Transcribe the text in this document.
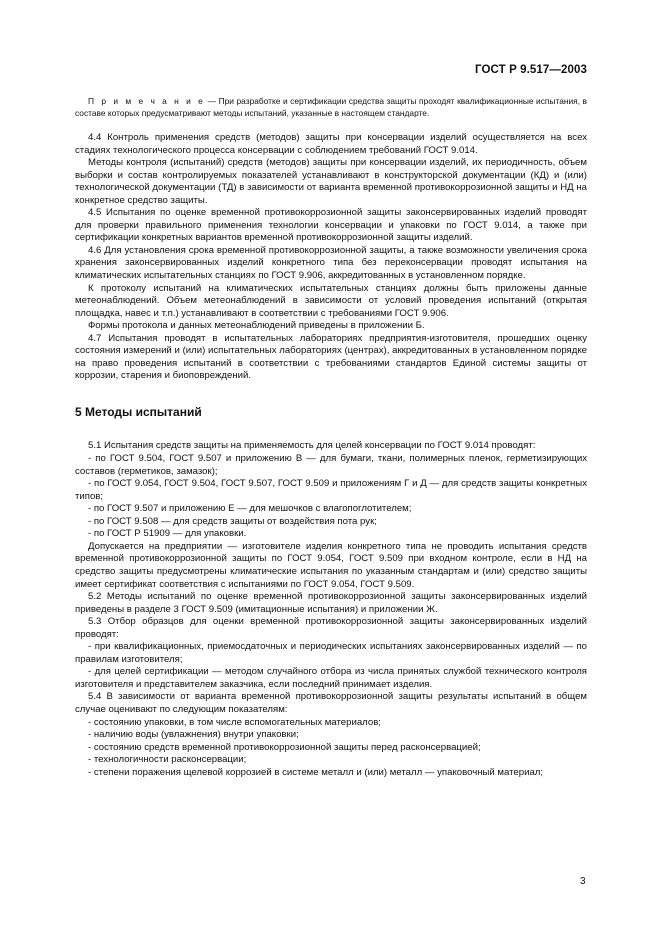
ГОСТ Р 9.517—2003

П р и м е ч а н и е — При разработке и сертификации средства защиты проходят квалификационные испытания, в составе которых предусматривают методы испытаний, указанные в настоящем стандарте.

4.4 Контроль применения средств (методов) защиты при консервации изделий осуществляется на всех стадиях технологического процесса консервации с соблюдением требований ГОСТ 9.014.

Методы контроля (испытаний) средств (методов) защиты при консервации изделий, их периодичность, объем выборки и состав контролируемых показателей устанавливают в конструкторской документации (КД) и (или) технологической документации (ТД) в зависимости от варианта временной противокоррозионной защиты и НД на конкретное средство защиты.

4.5 Испытания по оценке временной противокоррозионной защиты законсервированных изделий проводят для проверки правильного применения технологии консервации и упаковки по ГОСТ 9.014, а также при сертификации конкретных вариантов временной противокоррозионной защиты изделий.

4.6 Для установления срока временной противокоррозионной защиты, а также возможности увеличения срока хранения законсервированных изделий конкретного типа без переконсервации проводят испытания на климатических испытательных станциях по ГОСТ 9.906, аккредитованных в установленном порядке.

К протоколу испытаний на климатических испытательных станциях должны быть приложены данные метеонаблюдений. Объем метеонаблюдений в зависимости от условий проведения испытаний (открытая площадка, навес и т.п.) устанавливают в соответствии с требованиями ГОСТ 9.906.

Формы протокола и данных метеонаблюдений приведены в приложении Б.

4.7 Испытания проводят в испытательных лабораториях предприятия-изготовителя, прошедших оценку состояния измерений и (или) испытательных лабораториях (центрах), аккредитованных в установленном порядке на право проведения испытаний в соответствии с требованиями стандартов Единой системы защиты от коррозии, старения и биоповреждений.

5 Методы испытаний

5.1 Испытания средств защиты на применяемость для целей консервации по ГОСТ 9.014 проводят:

- по ГОСТ 9.504, ГОСТ 9.507 и приложению В — для бумаги, ткани, полимерных пленок, герметизирующих составов (герметиков, замазок);

- по ГОСТ 9.054, ГОСТ 9.504, ГОСТ 9.507, ГОСТ 9.509 и приложениям Г и Д — для средств защиты конкретных типов;

- по ГОСТ 9.507 и приложению Е — для мешочков с влагопоглотителем;

- по ГОСТ 9.508 — для средств защиты от воздействия пота рук;

- по ГОСТ Р 51909 — для упаковки.

Допускается на предприятии — изготовителе изделия конкретного типа не проводить испытания средств временной противокоррозионной защиты по ГОСТ 9.054, ГОСТ 9.509 при входном контроле, если в НД на средство защиты предусмотрены климатические испытания по указанным стандартам и (или) средство защиты имеет сертификат соответствия с испытаниями по ГОСТ 9.054, ГОСТ 9.509.

5.2 Методы испытаний по оценке временной противокоррозионной защиты законсервированных изделий приведены в разделе 3 ГОСТ 9.509 (имитационные испытания) и приложении Ж.

5.3 Отбор образцов для оценки временной противокоррозионной защиты законсервированных изделий проводят:

- при квалификационных, приемосдаточных и периодических испытаниях законсервированных изделий — по правилам изготовителя;

- для целей сертификации — методом случайного отбора из числа принятых службой технического контроля изготовителя и представителем заказчика, если последний принимает изделия.

5.4 В зависимости от варианта временной противокоррозионной защиты результаты испытаний в общем случае оценивают по следующим показателям:

- состоянию упаковки, в том числе вспомогательных материалов;

- наличию воды (увлажнения) внутри упаковки;

- состоянию средств временной противокоррозионной защиты перед расконсервацией;

- технологичности расконсервации;

- степени поражения щелевой коррозией в системе металл и (или) металл — упаковочный материал;

3
